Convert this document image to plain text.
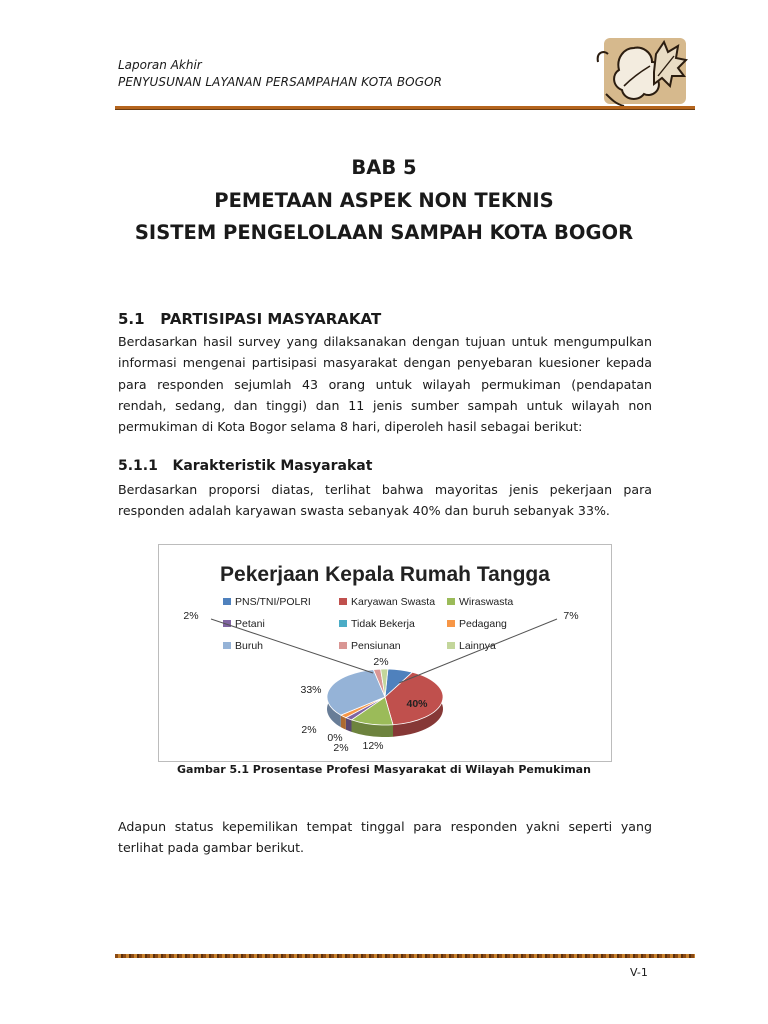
Laporan Akhir
PENYUSUNAN LAYANAN PERSAMPAHAN KOTA BOGOR
BAB 5
PEMETAAN ASPEK NON TEKNIS
SISTEM PENGELOLAAN SAMPAH KOTA BOGOR
5.1   PARTISIPASI MASYARAKAT
Berdasarkan hasil survey yang dilaksanakan dengan tujuan untuk mengumpulkan informasi mengenai partisipasi masyarakat dengan penyebaran kuesioner kepada para responden sejumlah 43 orang untuk wilayah permukiman (pendapatan rendah, sedang, dan tinggi) dan 11 jenis sumber sampah untuk wilayah non permukiman di Kota Bogor selama 8 hari, diperoleh hasil sebagai berikut:
5.1.1   Karakteristik Masyarakat
Berdasarkan proporsi diatas, terlihat bahwa mayoritas jenis pekerjaan para responden adalah karyawan swasta sebanyak 40% dan buruh sebanyak 33%.
Pekerjaan Kepala Rumah Tangga
PNS/TNI/POLRI	Karyawan Swasta Wiraswasta
Petani	Tidak Bekerja	Pedagang
Buruh	Pensiunan	Lainnya
7%
40%
12%
2%
0%
2%
33%
2%
2%
Gambar 5.1 Prosentase Profesi Masyarakat di Wilayah Pemukiman
Adapun status kepemilikan tempat tinggal para responden yakni seperti yang terlihat pada gambar berikut.
V-1
